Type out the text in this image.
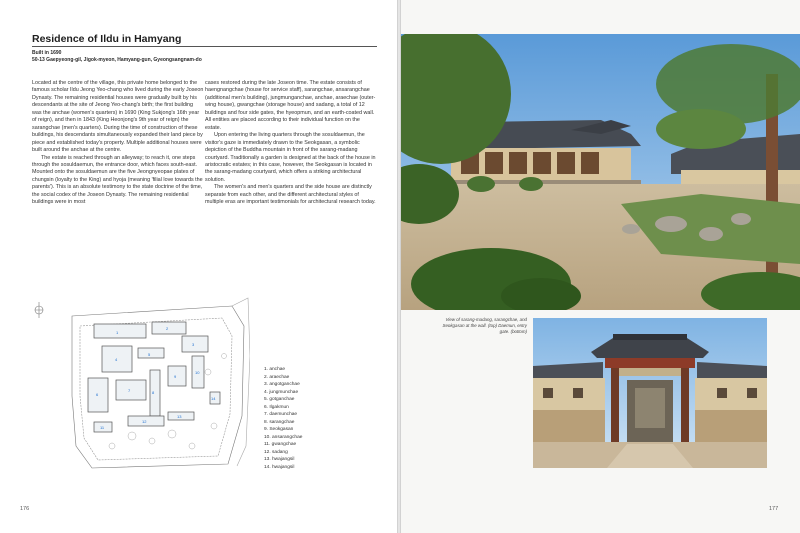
Residence of Ildu in Hamyang
Built in 1690
50-13 Gaepyeong-gil, Jigok-myeon, Hamyang-gun, Gyeongsangnam-do

Located at the centre of the village, this private home belonged to the famous scholar Ildu Jeong Yeo-chang who lived during the early Joseon Dynasty. The remaining residential houses were gradually built by his descendants at the site of Jeong Yeo-chang's birth; the first building was the anchae (women's quarters) in 1690 (King Sukjong's 16th year of reign), and then in 1843 (King Heonjong's 9th year of reign) the sarangchae (men's quarters). During the time of construction of these buildings, his descendants simultaneously expanded their land piece by piece and established today's property. Multiple additional houses were built around the anchae at the centre.

The estate is reached through an alleyway; to reach it, one steps through the sosuldaemun, the entrance door, which faces south-east. Mounted onto the sosuldaemun are the five Jeongnyeopae plates of chungsin (loyalty to the King) and hyoja (meaning 'filial love towards the parents'). This is an absolute testimony to the state doctrine of the time, the social codex of the Joseon Dynasty. The remaining residential buildings were in most

cases restored during the late Joseon time. The estate consists of haengnangchae (house for service staff), sarangchae, ansarangchae (additional men's building), jungmunganchae, anchae, araechae (outer-wing house), gwangchae (storage house) and sadang, a total of 12 buildings and four side gates, the hyeopmun, and an earth-coated wall. All entities are placed according to their individual function on the estate.

Upon entering the living quarters through the sosuldaemun, the visitor's gaze is immediately drawn to the Seokgasan, a symbolic depiction of the Buddha mountain in front of the sarang-madang courtyard. Traditionally a garden is designed at the back of the house in aristocratic estates; in this case, however, the Seokgasan is located in the sarang-madang courtyard, which offers a striking architectural solution.

The women's and men's quarters and the side house are distinctly separate from each other, and the different architectural styles of multiple eras are important testimonials for architectural research today.

1
2
3
4
5
6
7	8
9
10
11
12
13
14
1. anchae
2. araechae
3. angotganchae
4. jungmunchae
5. gotganchae
6. Ilgakmun
7. daemunchae
8. sarangchae
9. Seokgasan
10. ansarangchae
11. gwangchae
12. sadang
13. hwajangsil
14. hwajangsil
176
View of sarang-madang, sarangchae, and Seokgasan at the wall. (top) Daemun, entry gate. (bottom)
177
